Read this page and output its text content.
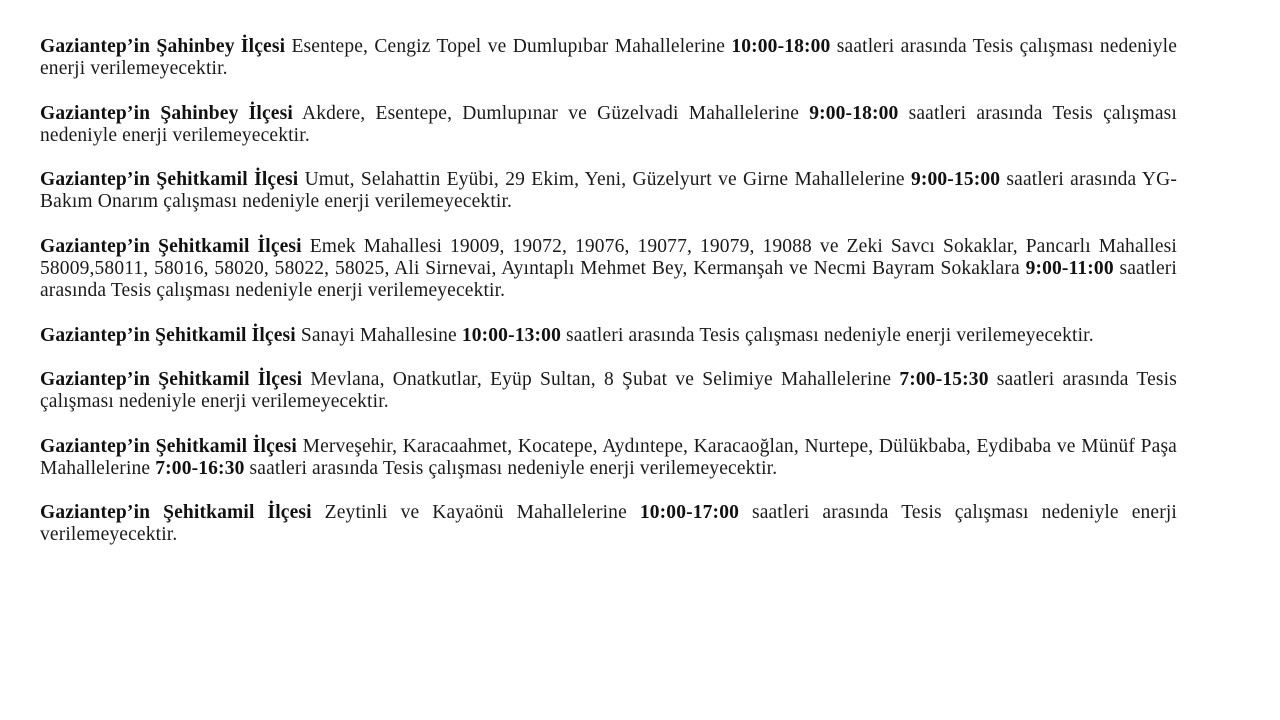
Gaziantep’in Şahinbey İlçesi Esentepe, Cengiz Topel ve Dumlupıbar Mahallelerine 10:00-18:00 saatleri arasında Tesis çalışması nedeniyle enerji verilemeyecektir.

Gaziantep’in Şahinbey İlçesi Akdere, Esentepe, Dumlupınar ve Güzelvadi Mahallelerine 9:00-18:00 saatleri arasında Tesis çalışması nedeniyle enerji verilemeyecektir.

Gaziantep’in Şehitkamil İlçesi Umut, Selahattin Eyübi, 29 Ekim, Yeni, Güzelyurt ve Girne Mahallelerine 9:00-15:00 saatleri arasında YG-Bakım Onarım çalışması nedeniyle enerji verilemeyecektir.

Gaziantep’in Şehitkamil İlçesi Emek Mahallesi 19009, 19072, 19076, 19077, 19079, 19088 ve Zeki Savcı Sokaklar, Pancarlı Mahallesi 58009,58011, 58016, 58020, 58022, 58025, Ali Sirnevai, Ayıntaplı Mehmet Bey, Kermanşah ve Necmi Bayram Sokaklara 9:00-11:00 saatleri arasında Tesis çalışması nedeniyle enerji verilemeyecektir.

Gaziantep’in Şehitkamil İlçesi Sanayi Mahallesine 10:00-13:00 saatleri arasında Tesis çalışması nedeniyle enerji verilemeyecektir.

Gaziantep’in Şehitkamil İlçesi Mevlana, Onatkutlar, Eyüp Sultan, 8 Şubat ve Selimiye Mahallelerine 7:00-15:30 saatleri arasında Tesis çalışması nedeniyle enerji verilemeyecektir.

Gaziantep’in Şehitkamil İlçesi Merveşehir, Karacaahmet, Kocatepe, Aydıntepe, Karacaoğlan, Nurtepe, Dülükbaba, Eydibaba ve Münüf Paşa Mahallelerine 7:00-16:30 saatleri arasında Tesis çalışması nedeniyle enerji verilemeyecektir.

Gaziantep’in Şehitkamil İlçesi Zeytinli ve Kayaönü Mahallelerine 10:00-17:00 saatleri arasında Tesis çalışması nedeniyle enerji verilemeyecektir.
